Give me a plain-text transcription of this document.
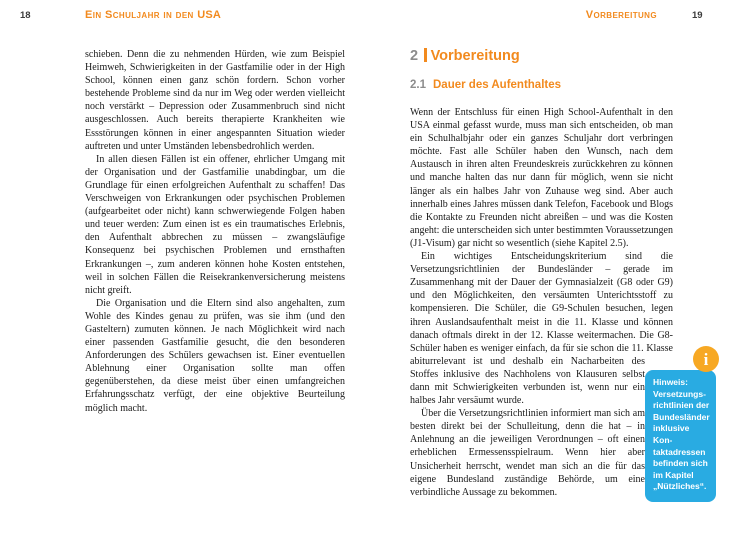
18	Ein Schuljahr in den USA

schieben. Denn die zu nehmenden Hürden, wie zum Beispiel Heimweh, Schwierigkeiten in der Gastfamilie oder in der High School, können einen ganz schön fordern. Schon vorher bestehende Probleme sind da nur im Weg oder werden vielleicht noch verstärkt – Depression oder Zusammenbruch sind nicht ausgeschlossen. Auch bereits therapierte Krankheiten wie Essstörungen können in einer angespannten Situation wieder auftreten und unter Umständen lebensbedrohlich werden.

In allen diesen Fällen ist ein offener, ehrlicher Umgang mit der Organisation und der Gastfamilie unabdingbar, um die Grundlage für einen erfolgreichen Aufenthalt zu schaffen! Das Verschweigen von Erkrankungen oder psychischen Problemen (aufgearbeitet oder nicht) kann schwerwiegende Folgen haben und teuer werden: Zum einen ist es ein traumatisches Erlebnis, den Aufenthalt abbrechen zu müssen – zwangsläufige Konsequenz bei psychischen Problemen und ernsthaften Erkrankungen –, zum anderen können hohe Kosten entstehen, weil in solchen Fällen die Reisekrankenversicherung meistens nicht greift.

Die Organisation und die Eltern sind also angehalten, zum Wohle des Kindes genau zu prüfen, was sie ihm (und den Gasteltern) zumuten können. Je nach Möglichkeit wird nach einer passenden Gastfamilie gesucht, die den besonderen Anforderungen des Schülers gewachsen ist. Einer eventuellen Ablehnung einer Organisation sollte man offen gegenüberstehen, da diese meist über einen umfangreichen Erfahrungsschatz verfügt, der eine objektive Beurteilung möglich macht.

Vorbereitung	19
2 Vorbereitung
2.1 Dauer des Aufenthaltes

Wenn der Entschluss für einen High School-Aufenthalt in den USA einmal gefasst wurde, muss man sich entscheiden, ob man ein Schulhalbjahr oder ein ganzes Schuljahr dort verbringen möchte. Fast alle Schüler haben den Wunsch, nach dem Austausch in ihren alten Freundeskreis zurückkehren zu können und manche halten das nur dann für möglich, wenn sie nicht länger als ein halbes Jahr von Zuhause weg sind. Aber auch innerhalb eines Jahres müssen dank Telefon, Facebook und Blogs die Kontakte zu Freunden nicht abreißen – und was die Kosten angeht: die unterscheiden sich unter bestimmten Voraussetzungen (J1-Visum) gar nicht so wesentlich (siehe Kapitel 2.5).

i
Hinweis:
Versetzungsrichtlinien der Bundesländer inklusive Kontaktadressen befinden sich im Kapitel „Nützliches“.

Ein wichtiges Entscheidungskriterium sind die Versetzungsrichtlinien der Bundesländer – gerade im Zusammenhang mit der Dauer der Gymnasialzeit (G8 oder G9) und den Möglichkeiten, den versäumten Unterichtsstoff zu kompensieren. Die Schüler, die G9-Schulen besuchen, legen ihren Auslandsaufenthalt meist in die 11. Klasse und können danach oftmals direkt in der 12. Klasse weitermachen. Die G8-Schüler haben es weniger einfach, da für sie schon die 11. Klasse abiturrelevant ist und deshalb ein Nacharbeiten des Stoffes inklusive des Nachholens von Klausuren selbst dann mit Schwierigkeiten verbunden ist, wenn nur ein halbes Jahr versäumt wurde.

Über die Versetzungsrichtlinien informiert man sich am besten direkt bei der Schulleitung, denn die hat – in Anlehnung an die jeweiligen Verordnungen – oft einen erheblichen Ermessensspielraum. Wenn hier aber Unsicherheit herrscht, wendet man sich an die für das eigene Bundesland zuständige Behörde, um eine verbindliche Aussage zu bekommen.
